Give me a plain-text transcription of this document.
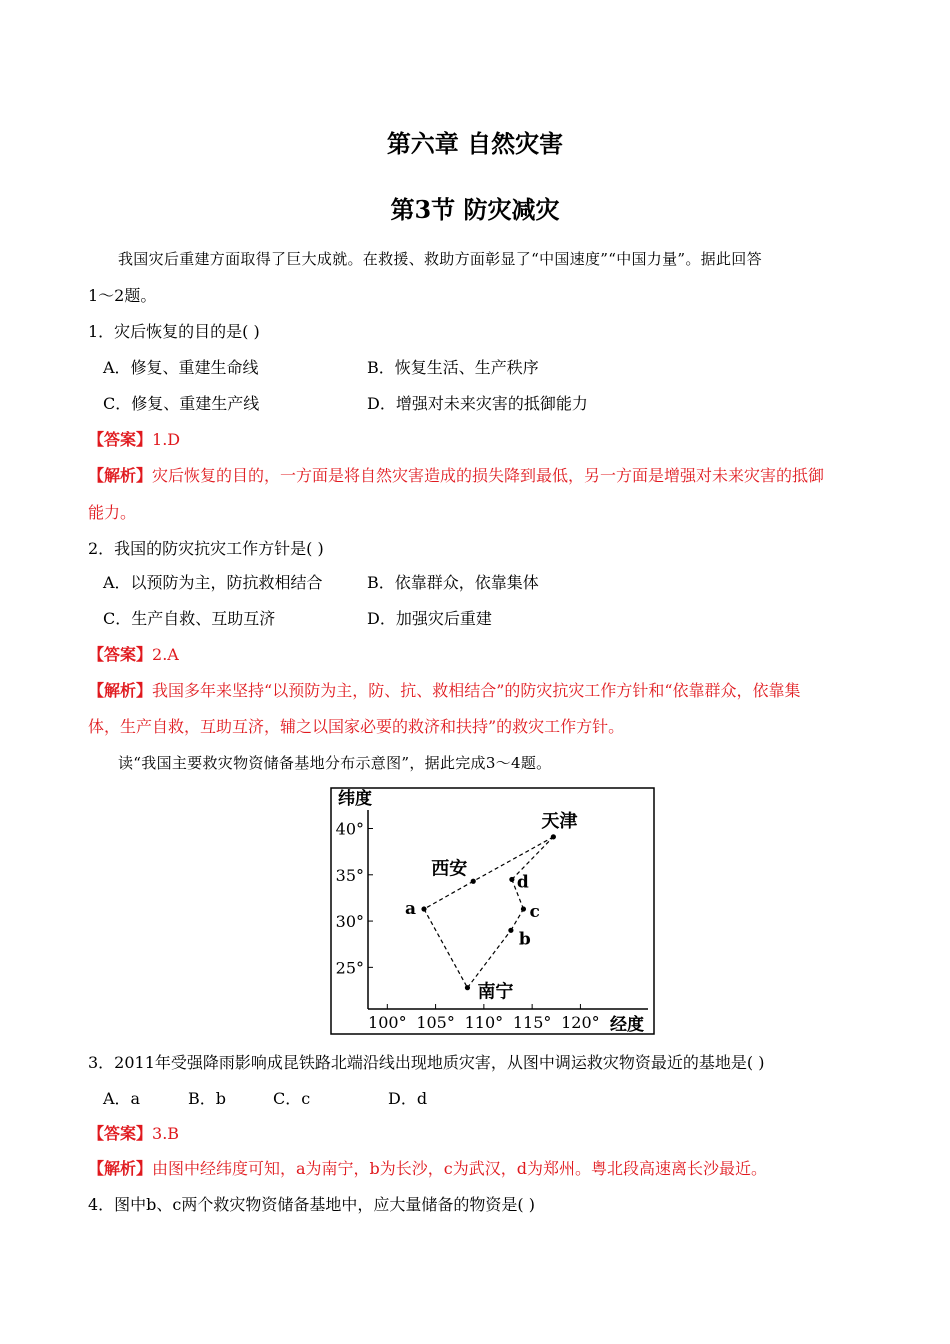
第六章 自然灾害
第3节 防灾减灾
我国灾后重建方面取得了巨大成就。在救援、救助方面彰显了“中国速度”“中国力量”。据此回答
1～2题。
1．灾后恢复的目的是( )
A．修复、重建生命线	B．恢复生活、生产秩序
C．修复、重建生产线	D．增强对未来灾害的抵御能力
【答案】1.D
【解析】灾后恢复的目的，一方面是将自然灾害造成的损失降到最低，另一方面是增强对未来灾害的抵御
能力。
2．我国的防灾抗灾工作方针是( )
A．以预防为主，防抗救相结合	B．依靠群众，依靠集体
C．生产自救、互助互济	D．加强灾后重建
【答案】2.A
【解析】我国多年来坚持“以预防为主，防、抗、救相结合”的防灾抗灾工作方针和“依靠群众，依靠集
体，生产自救，互助互济，辅之以国家必要的救济和扶持”的救灾工作方针。
读“我国主要救灾物资储备基地分布示意图”，据此完成3～4题。
纬度
经度
100° 105° 110° 115° 120°
25°
30°
35°
40°	天津
西安
a
d
c
b
南宁
3．2011年受强降雨影响成昆铁路北端沿线出现地质灾害，从图中调运救灾物资最近的基地是( )
A．a	B．b	C．c	D．d
【答案】3.B
【解析】由图中经纬度可知，a为南宁，b为长沙，c为武汉，d为郑州。粤北段高速离长沙最近。
4．图中b、c两个救灾物资储备基地中，应大量储备的物资是( )
